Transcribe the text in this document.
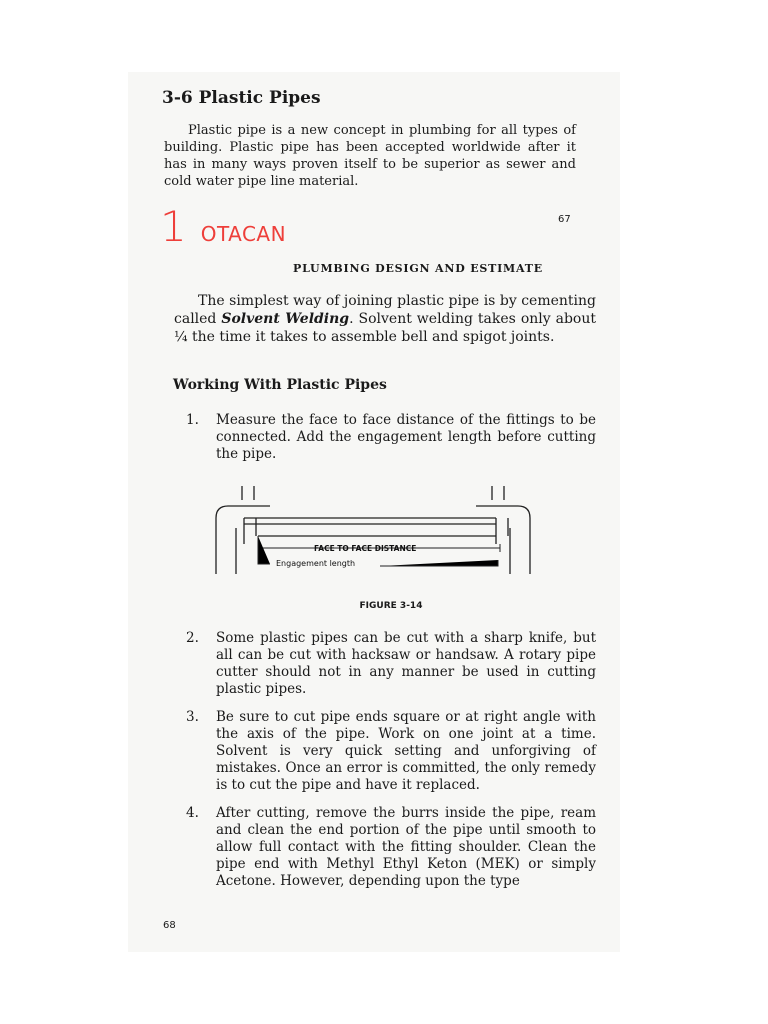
3-6 Plastic Pipes
Plastic pipe is a new concept in plumbing for all types of building. Plastic pipe has been accepted worldwide after it has in many ways proven itself to be superior as sewer and cold water pipe line material.
1 OTACAN
67
PLUMBING DESIGN AND ESTIMATE
The simplest way of joining plastic pipe is by cementing called Solvent Welding. Solvent welding takes only about ¼ the time it takes to assemble bell and spigot joints.
Working With Plastic Pipes
1.	Measure the face to face distance of the fittings to be connected. Add the engagement length before cutting the pipe.
FACE TO FACE DISTANCE
Engagement length
FIGURE 3-14
2.	Some plastic pipes can be cut with a sharp knife, but all can be cut with hacksaw or handsaw. A rotary pipe cutter should not in any manner be used in cutting plastic pipes.
3.	Be sure to cut pipe ends square or at right angle with the axis of the pipe. Work on one joint at a time. Solvent is very quick setting and unforgiving of mistakes. Once an error is committed, the only remedy is to cut the pipe and have it replaced.
4.	After cutting, remove the burrs inside the pipe, ream and clean the end portion of the pipe until smooth to allow full contact with the fitting shoulder. Clean the pipe end with Methyl Ethyl Keton (MEK) or simply Acetone. However, depending upon the type
68
